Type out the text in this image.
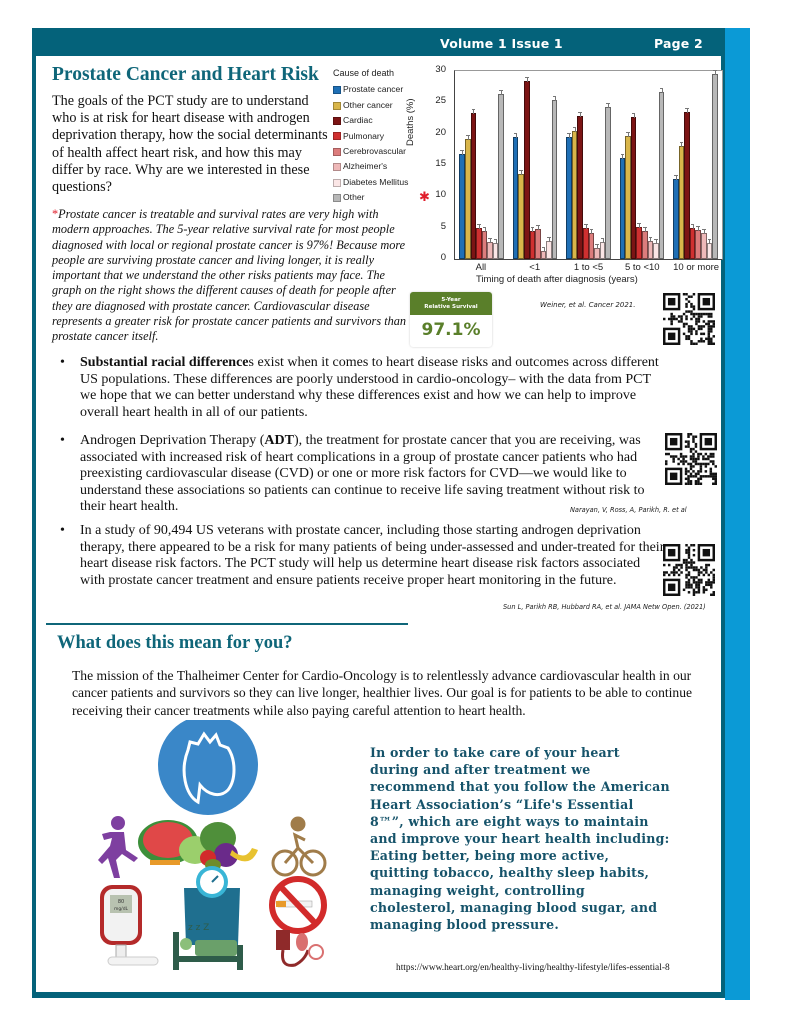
Volume 1 Issue 1	Page 2
Prostate Cancer and Heart Risk
The goals of the PCT study are to understand who is at risk for heart disease with androgen deprivation therapy, how the social determinants of health affect heart risk, and how this may differ by race. Why are we interested in these questions?
*Prostate cancer is treatable and survival rates are very high with modern approaches. The 5-year relative survival rate for most people diagnosed with local or regional prostate cancer is 97%! Because more people are surviving prostate cancer and living longer, it is really important that we understand the other risks patients may face. The graph on the right shows the different causes of death for people after they are diagnosed with prostate cancer. Cardiovascular disease represents a greater risk for prostate cancer patients and survivors than prostate cancer itself.
Cause of death
Prostate cancer
Other cancer
Cardiac
Pulmonary
Cerebrovascular
Alzheimer's
Diabetes Mellitus
Other
Deaths (%)
✱
0
5
10
15
20
25
30
All	<1	1 to <5	5 to <10	10 or more
Timing of death after diagnosis (years)
5-Year
Relative Survival
97.1%
Weiner, et al. Cancer 2021.
• Substantial racial differences exist when it comes to heart disease risks and outcomes across different US populations. These differences are poorly understood in cardio-oncology– with the data from PCT we hope that we can better understand why these differences exist and how we can help to improve overall heart health in all of our patients.
• Androgen Deprivation Therapy (ADT), the treatment for prostate cancer that you are receiving, was associated with increased risk of heart complications in a group of prostate cancer patients who had preexisting cardiovascular disease (CVD) or one or more risk factors for CVD—we would like to understand these associations so patients can continue to receive life saving treatment without risk to their heart health.	Narayan, V, Ross, A, Parikh, R. et al
• In a study of 90,494 US veterans with prostate cancer, including those starting androgen deprivation therapy, there appeared to be a risk for many patients of being under-assessed and under-treated for their heart disease risk factors. The PCT study will help us determine heart disease risk factors associated with prostate cancer treatment and ensure patients receive proper heart monitoring in the future.
Sun L, Parikh RB, Hubbard RA, et al. JAMA Netw Open. (2021)
What does this mean for you?
The mission of the Thalheimer Center for Cardio-Oncology is to relentlessly advance cardiovascular health in our cancer patients and survivors so they can live longer, healthier lives. Our goal is for patients to be able to continue receiving their cancer treatments while also paying careful attention to heart health.
80
mg/dL
z z Z
In order to take care of your heart during and after treatment we recommend that you follow the American Heart Association’s “Life's Essential 8™”, which are eight ways to maintain and improve your heart health including: Eating better, being more active, quitting tobacco, healthy sleep habits, managing weight, controlling cholesterol, managing blood sugar, and managing blood pressure.
https://www.heart.org/en/healthy-living/healthy-lifestyle/lifes-essential-8
